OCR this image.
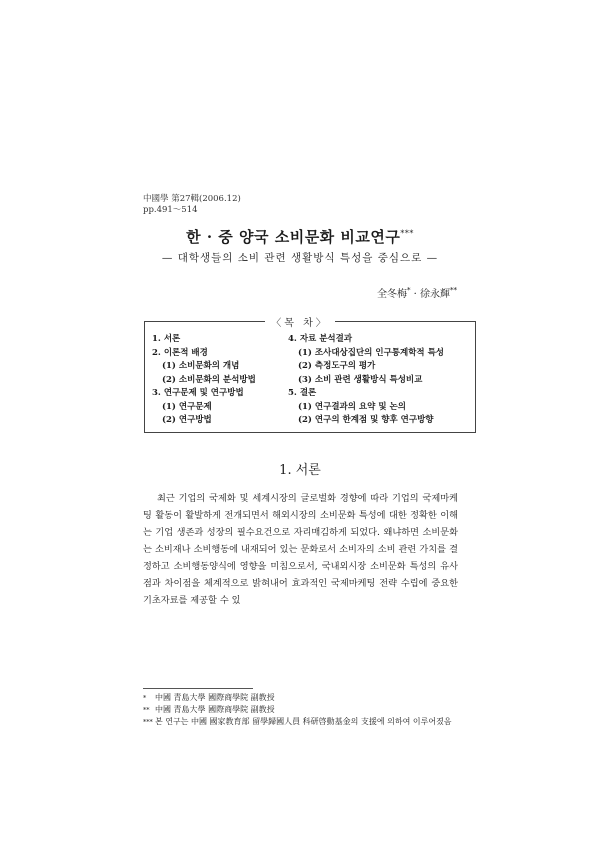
中國學 第27輯(2006.12)
pp.491～514
한 · 중 양국 소비문화 비교연구***
— 대학생들의 소비 관련 생활방식 특성을 중심으로 —
全冬梅* · 徐永輝**
〈목 차〉
1. 서론
2. 이론적 배경
(1) 소비문화의 개념
(2) 소비문화의 분석방법
3. 연구문제 및 연구방법
(1) 연구문제
(2) 연구방법
4. 자료 분석결과
(1) 조사대상집단의 인구통계학적 특성
(2) 측정도구의 평가
(3) 소비 관련 생활방식 특성비교
5. 결론
(1) 연구결과의 요약 및 논의
(2) 연구의 한계점 및 향후 연구방향
1. 서론

최근 기업의 국제화 및 세계시장의 글로벌화 경향에 따라 기업의 국제마케팅 활동이 활발하게 전개되면서 해외시장의 소비문화 특성에 대한 정확한 이해는 기업 생존과 성장의 필수요건으로 자리매김하게 되었다. 왜냐하면 소비문화는 소비재나 소비행동에 내재되어 있는 문화로서 소비자의 소비 관련 가치를 결정하고 소비행동양식에 영향을 미침으로서, 국내외시장 소비문화 특성의 유사점과 차이점을 체계적으로 밝혀내어 효과적인 국제마케팅 전략 수립에 중요한 기초자료를 제공할 수 있

*	中國 青島大學 國際商學院 副教授
** 中國 青島大學 國際商學院 副教授
*** 본 연구는 中國 國家教育部 留學歸國人員 科研啓動基金의 支援에 의하여 이루어졌음
